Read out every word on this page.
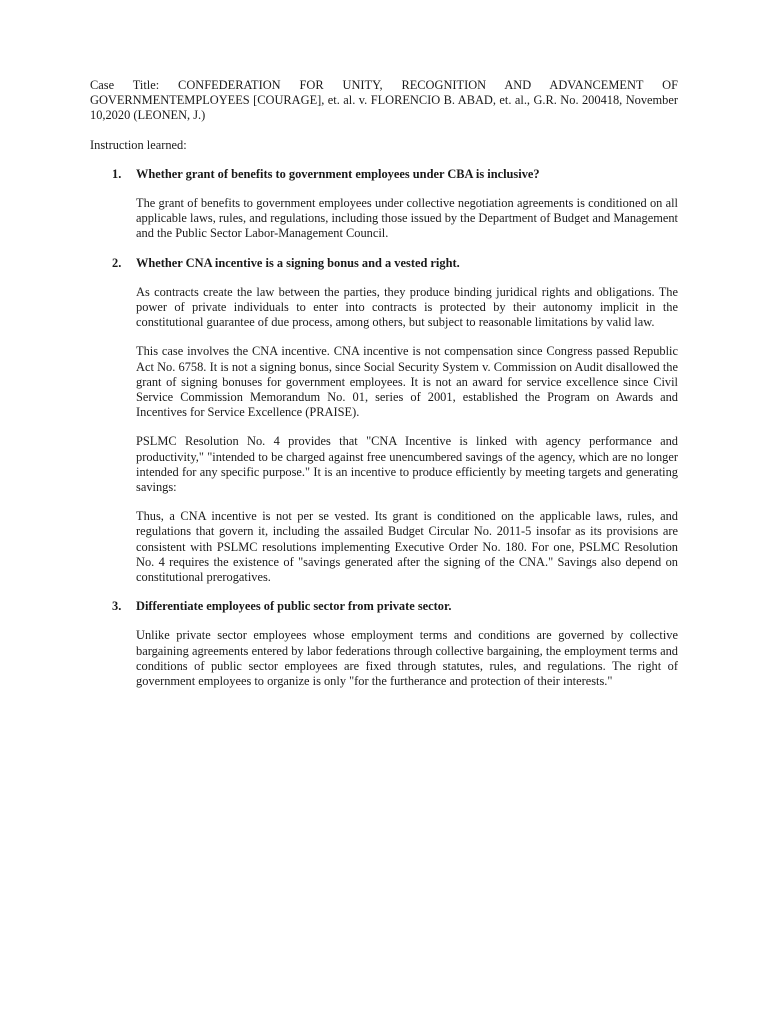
Case Title: CONFEDERATION FOR UNITY, RECOGNITION AND ADVANCEMENT OF GOVERNMENTEMPLOYEES [COURAGE], et. al. v. FLORENCIO B. ABAD, et. al., G.R. No. 200418, November 10,2020 (LEONEN, J.)
Instruction learned:
1. Whether grant of benefits to government employees under CBA is inclusive?
The grant of benefits to government employees under collective negotiation agreements is conditioned on all applicable laws, rules, and regulations, including those issued by the Department of Budget and Management and the Public Sector Labor-Management Council.
2. Whether CNA incentive is a signing bonus and a vested right.
As contracts create the law between the parties, they produce binding juridical rights and obligations. The power of private individuals to enter into contracts is protected by their autonomy implicit in the constitutional guarantee of due process, among others, but subject to reasonable limitations by valid law.
This case involves the CNA incentive. CNA incentive is not compensation since Congress passed Republic Act No. 6758. It is not a signing bonus, since Social Security System v. Commission on Audit disallowed the grant of signing bonuses for government employees. It is not an award for service excellence since Civil Service Commission Memorandum No. 01, series of 2001, established the Program on Awards and Incentives for Service Excellence (PRAISE).
PSLMC Resolution No. 4 provides that "CNA Incentive is linked with agency performance and productivity," "intended to be charged against free unencumbered savings of the agency, which are no longer intended for any specific purpose." It is an incentive to produce efficiently by meeting targets and generating savings:
Thus, a CNA incentive is not per se vested. Its grant is conditioned on the applicable laws, rules, and regulations that govern it, including the assailed Budget Circular No. 2011-5 insofar as its provisions are consistent with PSLMC resolutions implementing Executive Order No. 180. For one, PSLMC Resolution No. 4 requires the existence of "savings generated after the signing of the CNA." Savings also depend on constitutional prerogatives.
3. Differentiate employees of public sector from private sector.
Unlike private sector employees whose employment terms and conditions are governed by collective bargaining agreements entered by labor federations through collective bargaining, the employment terms and conditions of public sector employees are fixed through statutes, rules, and regulations. The right of government employees to organize is only "for the furtherance and protection of their interests."
